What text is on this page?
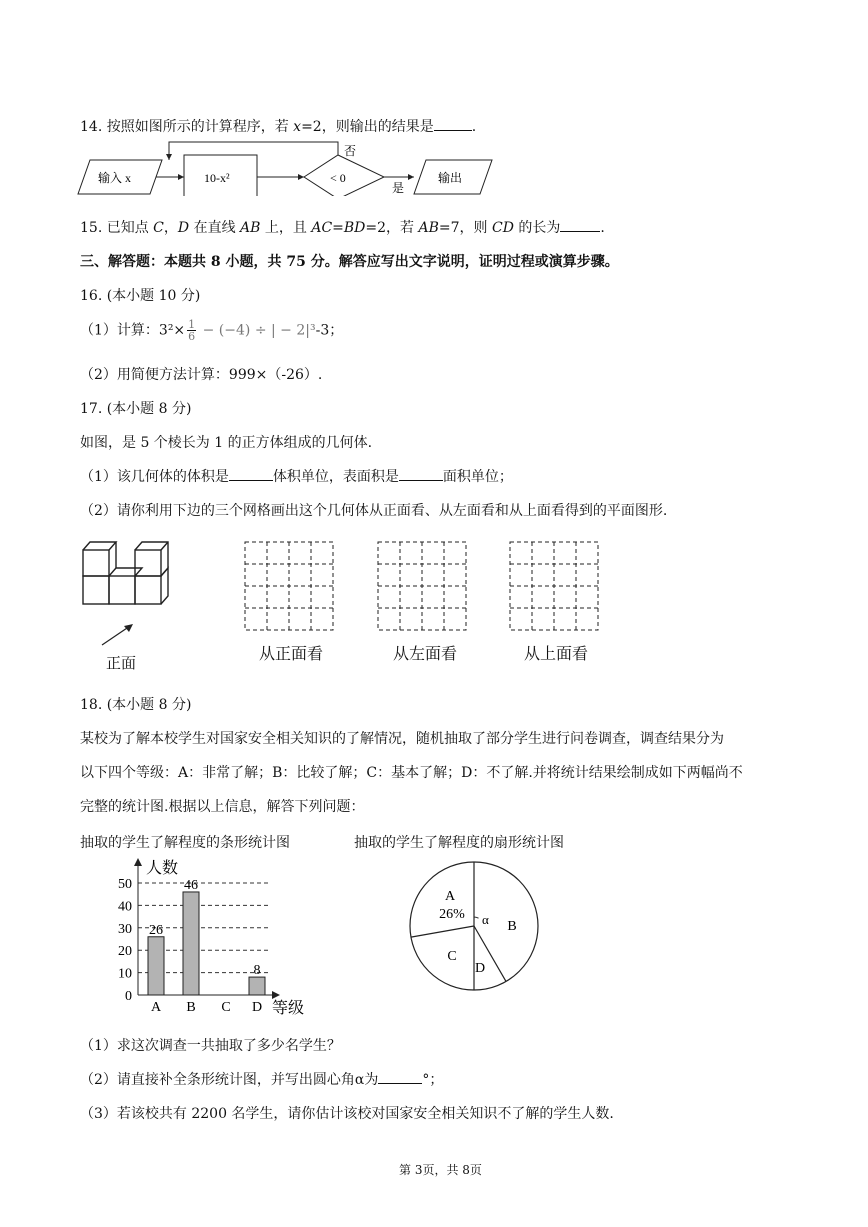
14. 按照如图所示的计算程序，若 x=2，则输出的结果是	.
输入 x	10-x²	< 0
否
是
输出
15. 已知点 C，D 在直线 AB 上，且 AC=BD=2，若 AB=7，则 CD 的长为	.
三、解答题：本题共 8 小题，共 75 分。解答应写出文字说明，证明过程或演算步骤。
16. (本小题 10 分)
（1）计算：$3^2\times \frac{1}{6} - (-4)$ ÷ | − 2|³-3；
（2）用简便方法计算：999×（-26）.
17. (本小题 8 分)
如图，是 5 个棱长为 1 的正方体组成的几何体.
（1）该几何体的体积是	体积单位，表面积是	面积单位；
（2）请你利用下边的三个网格画出这个几何体从正面看、从左面看和从上面看得到的平面图形.
正面	从正面看	从左面看	从上面看
18. (本小题 8 分)
某校为了解本校学生对国家安全相关知识的了解情况，随机抽取了部分学生进行问卷调查，调查结果分为
以下四个等级：A：非常了解；B：比较了解；C：基本了解；D：不了解.并将统计结果绘制成如下两幅尚不
完整的统计图.根据以上信息，解答下列问题：
抽取的学生了解程度的条形统计图	抽取的学生了解程度的扇形统计图
0
10
20
30
40
50
人数
等级
26
A
46
B C
8
D
A
B
C
D
26% α
（1）求这次调查一共抽取了多少名学生？
（2）请直接补全条形统计图，并写出圆心角α为	°；
（3）若该校共有 2200 名学生，请你估计该校对国家安全相关知识不了解的学生人数.
第 3页，共 8页
